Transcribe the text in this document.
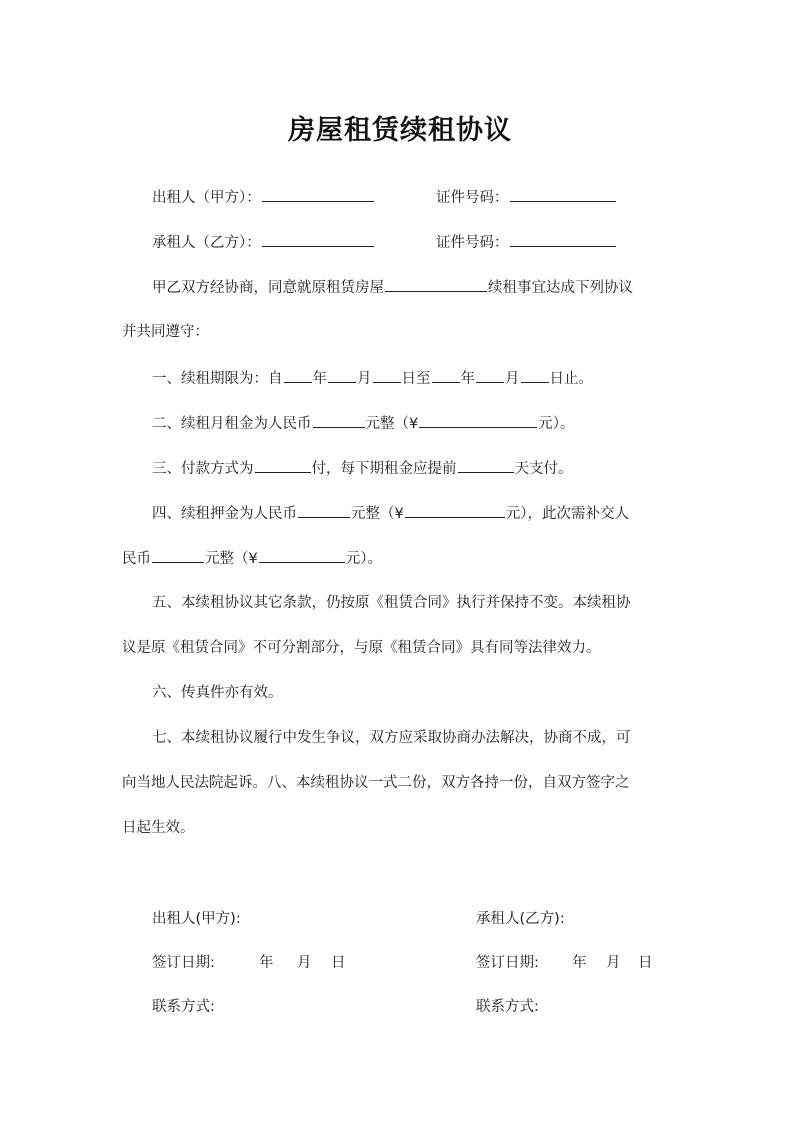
房屋租赁续租协议
出租人（甲方）：	证件号码：
承租人（乙方）：	证件号码：
甲乙双方经协商，同意就原租赁房屋	续租事宜达成下列协议
并共同遵守：
一、续租期限为：自 年 月 日至 年 月 日止。
二、续租月租金为人民币	元整（¥	元）。
三、付款方式为	付，每下期租金应提前	天支付。
四、续租押金为人民币	元整（¥	元），此次需补交人
民币	元整（¥	元）。
五、本续租协议其它条款，仍按原《租赁合同》执行并保持不变。本续租协
议是原《租赁合同》不可分割部分，与原《租赁合同》具有同等法律效力。
六、传真件亦有效。
七、本续租协议履行中发生争议，双方应采取协商办法解决，协商不成，可
向当地人民法院起诉。八、本续租协议一式二份，双方各持一份，自双方签字之
日起生效。
出租人(甲方):	承租人(乙方):
签订日期:	年 月 日	签订日期: 年 月 日
联系方式:	联系方式:
